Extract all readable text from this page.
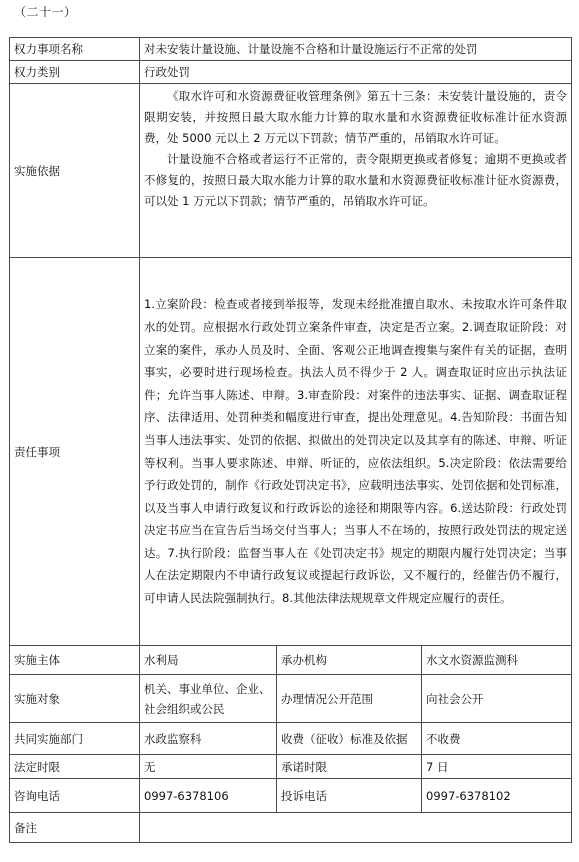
（二十一）
权力事项名称	对未安装计量设施、计量设施不合格和计量设施运行不正常的处罚		
权力类别	行政处罚		
实施依据	《取水许可和水资源费征收管理条例》第五十三条：未安装计量设施的，责令限期安装，并按照日最大取水能力计算的取水量和水资源费征收标准计征水资源费，处 5000 元以上 2 万元以下罚款；情节严重的，吊销取水许可证。

计量设施不合格或者运行不正常的，责令限期更换或者修复；逾期不更换或者不修复的，按照日最大取水能力计算的取水量和水资源费征收标准计征水资源费，可以处 1 万元以下罚款；情节严重的，吊销取水许可证。		

责任事项	1.立案阶段：检查或者接到举报等，发现未经批准擅自取水、未按取水许可条件取水的处罚。应根据水行政处罚立案条件审查，决定是否立案。2.调查取证阶段：对立案的案件，承办人员及时、全面、客观公正地调查搜集与案件有关的证据，查明事实，必要时进行现场检查。执法人员不得少于 2 人。调查取证时应出示执法证件；允许当事人陈述、申辩。3.审查阶段：对案件的违法事实、证据、调查取证程序、法律适用、处罚种类和幅度进行审查，提出处理意见。4.告知阶段：书面告知当事人违法事实、处罚的依据、拟做出的处罚决定以及其享有的陈述、申辩、听证等权利。当事人要求陈述、申辩、听证的，应依法组织。5.决定阶段：依法需要给予行政处罚的，制作《行政处罚决定书》，应载明违法事实、处罚依据和处罚标准，以及当事人申请行政复议和行政诉讼的途径和期限等内容。6.送达阶段：行政处罚决定书应当在宣告后当场交付当事人；当事人不在场的，按照行政处罚法的规定送达。7.执行阶段：监督当事人在《处罚决定书》规定的期限内履行处罚决定；当事人在法定期限内不申请行政复议或提起行政诉讼，又不履行的，经催告仍不履行，可申请人民法院强制执行。8.其他法律法规规章文件规定应履行的责任。		

实施主体	水利局	承办机构	水文水资源监测科
实施对象	机关、事业单位、企业、社会组织或公民	办理情况公开范围	向社会公开
共同实施部门	水政监察科	收费（征收）标准及依据	不收费
法定时限	无	承诺时限	7 日
咨询电话	0997-6378106	投诉电话	0997-6378102
备注			
